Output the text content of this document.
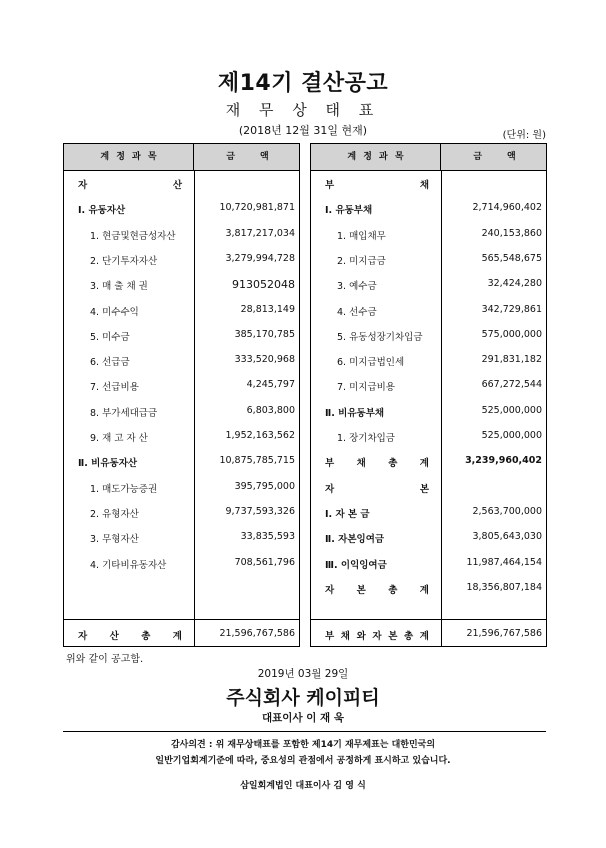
제14기 결산공고
재 무 상 태 표
(2018년 12월 31일 현재)	(단위: 원)
계 정 과 목	금 액
자	산
Ⅰ. 유동자산	10,720,981,871
1. 현금및현금성자산	3,817,217,034
2. 단기투자자산	3,279,994,728
3. 매 출 채 권	913052048
4. 미수수익	28,813,149
5. 미수금	385,170,785
6. 선급금	333,520,968
7. 선급비용	4,245,797
8. 부가세대급금	6,803,800
9. 재 고 자 산	1,952,163,562
Ⅱ. 비유동자산	10,875,785,715
1. 매도가능증권	395,795,000
2. 유형자산	9,737,593,326
3. 무형자산	33,835,593
4. 기타비유동자산	708,561,796
자 산 총 계	21,596,767,586
계 정 과 목	금 액
부	채
Ⅰ. 유동부채	2,714,960,402
1. 매입채무	240,153,860
2. 미지급금	565,548,675
3. 예수금	32,424,280
4. 선수금	342,729,861
5. 유동성장기차입금	575,000,000
6. 미지급법인세	291,831,182
7. 미지급비용	667,272,544
Ⅱ. 비유동부채	525,000,000
1. 장기차입금	525,000,000
부 채 총 계	3,239,960,402
자	본
Ⅰ. 자 본 금	2,563,700,000
Ⅱ. 자본잉여금	3,805,643,030
Ⅲ. 이익잉여금	11,987,464,154
자 본 총 계	18,356,807,184
부 채 와 자 본 총 계	21,596,767,586
위와 같이 공고함.
2019년 03월 29일
주식회사 케이피티
대표이사 이 재 욱
감사의견 : 위 재무상태표를 포함한 제14기 재무제표는 대한민국의
일반기업회계기준에 따라, 중요성의 관점에서 공정하게 표시하고 있습니다.
삼일회계법인 대표이사 김 영 식
